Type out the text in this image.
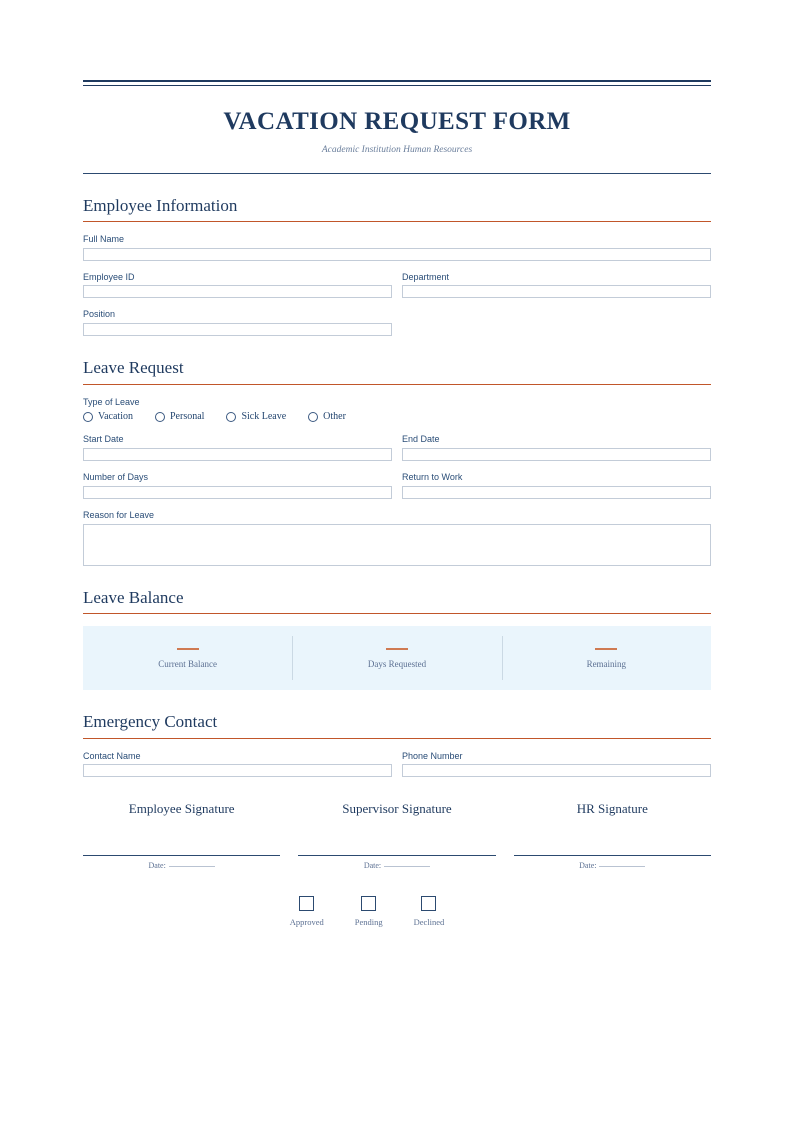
VACATION REQUEST FORM
Academic Institution Human Resources
Employee Information
Full Name
Employee ID	Department
Position
Leave Request
Type of Leave
Vacation	Personal	Sick Leave	Other
Start Date	End Date
Number of Days	Return to Work
Reason for Leave
Leave Balance
Current Balance	Days Requested	Remaining
Emergency Contact
Contact Name	Phone Number
Employee Signature
Date:
Supervisor Signature
Date:
HR Signature
Date:
Approved	Pending	Declined
